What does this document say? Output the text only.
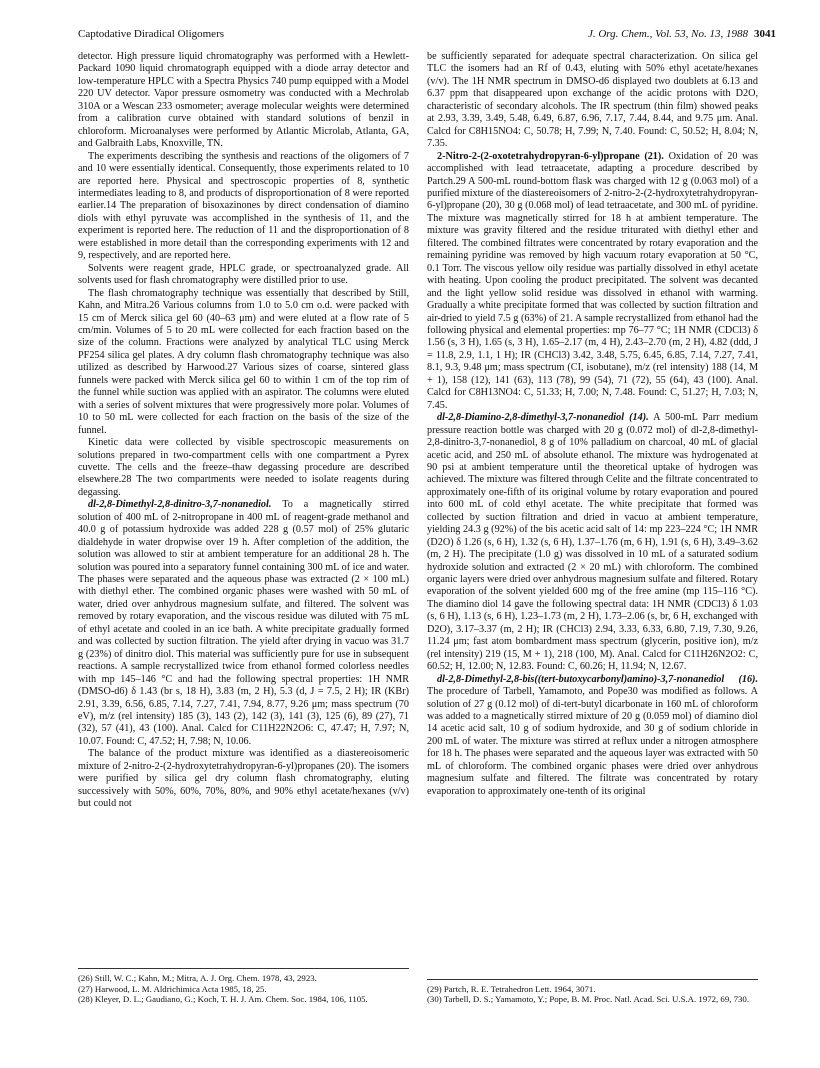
Captodative Diradical Oligomers	J. Org. Chem., Vol. 53, No. 13, 1988 3041

detector. High pressure liquid chromatography was performed with a Hewlett-Packard 1090 liquid chromatograph equipped with a diode array detector and low-temperature HPLC with a Spectra Physics 740 pump equipped with a Model 220 UV detector. Vapor pressure osmometry was conducted with a Mechrolab 310A or a Wescan 233 osmometer; average molecular weights were determined from a calibration curve obtained with standard solutions of benzil in chloroform. Microanalyses were performed by Atlantic Microlab, Atlanta, GA, and Galbraith Labs, Knoxville, TN.

The experiments describing the synthesis and reactions of the oligomers of 7 and 10 were essentially identical. Consequently, those experiments related to 10 are reported here. Physical and spectroscopic properties of 8, synthetic intermediates leading to 8, and products of disproportionation of 8 were reported earlier.14 The preparation of bisoxazinones by direct condensation of diamino diols with ethyl pyruvate was accomplished in the synthesis of 11, and the experiment is reported here. The reduction of 11 and the disproportionation of 8 were established in more detail than the corresponding experiments with 12 and 9, respectively, and are reported here.

Solvents were reagent grade, HPLC grade, or spectroanalyzed grade. All solvents used for flash chromatography were distilled prior to use.

The flash chromatography technique was essentially that described by Still, Kahn, and Mitra.26 Various columns from 1.0 to 5.0 cm o.d. were packed with 15 cm of Merck silica gel 60 (40–63 μm) and were eluted at a flow rate of 5 cm/min. Volumes of 5 to 20 mL were collected for each fraction based on the size of the column. Fractions were analyzed by analytical TLC using Merck PF254 silica gel plates. A dry column flash chromatography technique was also utilized as described by Harwood.27 Various sizes of coarse, sintered glass funnels were packed with Merck silica gel 60 to within 1 cm of the top rim of the funnel while suction was applied with an aspirator. The columns were eluted with a series of solvent mixtures that were progressively more polar. Volumes of 10 to 50 mL were collected for each fraction on the basis of the size of the funnel.

Kinetic data were collected by visible spectroscopic measurements on solutions prepared in two-compartment cells with one compartment a Pyrex cuvette. The cells and the freeze–thaw degassing procedure are described elsewhere.28 The two compartments were needed to isolate reagents during degassing.

dl-2,8-Dimethyl-2,8-dinitro-3,7-nonanediol. To a magnetically stirred solution of 400 mL of 2-nitropropane in 400 mL of reagent-grade methanol and 40.0 g of potassium hydroxide was added 228 g (0.57 mol) of 25% glutaric dialdehyde in water dropwise over 19 h. After completion of the addition, the solution was allowed to stir at ambient temperature for an additional 28 h. The solution was poured into a separatory funnel containing 300 mL of ice and water. The phases were separated and the aqueous phase was extracted (2 × 100 mL) with diethyl ether. The combined organic phases were washed with 50 mL of water, dried over anhydrous magnesium sulfate, and filtered. The solvent was removed by rotary evaporation, and the viscous residue was diluted with 75 mL of ethyl acetate and cooled in an ice bath. A white precipitate gradually formed and was collected by suction filtration. The yield after drying in vacuo was 31.7 g (23%) of dinitro diol. This material was sufficiently pure for use in subsequent reactions. A sample recrystallized twice from ethanol formed colorless needles with mp 145–146 °C and had the following spectral properties: 1H NMR (DMSO-d6) δ 1.43 (br s, 18 H), 3.83 (m, 2 H), 5.3 (d, J = 7.5, 2 H); IR (KBr) 2.91, 3.39, 6.56, 6.85, 7.14, 7.27, 7.41, 7.94, 8.77, 9.26 μm; mass spectrum (70 eV), m/z (rel intensity) 185 (3), 143 (2), 142 (3), 141 (3), 125 (6), 89 (27), 71 (32), 57 (41), 43 (100). Anal. Calcd for C11H22N2O6: C, 47.47; H, 7.97; N, 10.07. Found: C, 47.52; H, 7.98; N, 10.06.

The balance of the product mixture was identified as a diastereoisomeric mixture of 2-nitro-2-(2-hydroxytetrahydropyran-6-yl)propanes (20). The isomers were purified by silica gel dry column flash chromatography, eluting successively with 50%, 60%, 70%, 80%, and 90% ethyl acetate/hexanes (v/v) but could not

(26) Still, W. C.; Kahn, M.; Mitra, A. J. Org. Chem. 1978, 43, 2923.
(27) Harwood, L. M. Aldrichimica Acta 1985, 18, 25.
(28) Kleyer, D. L.; Gaudiano, G.; Koch, T. H. J. Am. Chem. Soc. 1984, 106, 1105.

be sufficiently separated for adequate spectral characterization. On silica gel TLC the isomers had an Rf of 0.43, eluting with 50% ethyl acetate/hexanes (v/v). The 1H NMR spectrum in DMSO-d6 displayed two doublets at 6.13 and 6.37 ppm that disappeared upon exchange of the acidic protons with D2O, characteristic of secondary alcohols. The IR spectrum (thin film) showed peaks at 2.93, 3.39, 3.49, 5.48, 6.49, 6.87, 6.96, 7.17, 7.44, 8.44, and 9.75 μm. Anal. Calcd for C8H15NO4: C, 50.78; H, 7.99; N, 7.40. Found: C, 50.52; H, 8.04; N, 7.35.

2-Nitro-2-(2-oxotetrahydropyran-6-yl)propane (21). Oxidation of 20 was accomplished with lead tetraacetate, adapting a procedure described by Partch.29 A 500-mL round-bottom flask was charged with 12 g (0.063 mol) of a purified mixture of the diastereoisomers of 2-nitro-2-(2-hydroxytetrahydropyran-6-yl)propane (20), 30 g (0.068 mol) of lead tetraacetate, and 300 mL of pyridine. The mixture was magnetically stirred for 18 h at ambient temperature. The mixture was gravity filtered and the residue triturated with diethyl ether and filtered. The combined filtrates were concentrated by rotary evaporation and the remaining pyridine was removed by high vacuum rotary evaporation at 50 °C, 0.1 Torr. The viscous yellow oily residue was partially dissolved in ethyl acetate with heating. Upon cooling the product precipitated. The solvent was decanted and the light yellow solid residue was dissolved in ethanol with warming. Gradually a white precipitate formed that was collected by suction filtration and air-dried to yield 7.5 g (63%) of 21. A sample recrystallized from ethanol had the following physical and elemental properties: mp 76–77 °C; 1H NMR (CDCl3) δ 1.56 (s, 3 H), 1.65 (s, 3 H), 1.65–2.17 (m, 4 H), 2.43–2.70 (m, 2 H), 4.82 (ddd, J = 11.8, 2.9, 1.1, 1 H); IR (CHCl3) 3.42, 3.48, 5.75, 6.45, 6.85, 7.14, 7.27, 7.41, 8.1, 9.3, 9.48 μm; mass spectrum (CI, isobutane), m/z (rel intensity) 188 (14, M + 1), 158 (12), 141 (63), 113 (78), 99 (54), 71 (72), 55 (64), 43 (100). Anal. Calcd for C8H13NO4: C, 51.33; H, 7.00; N, 7.48. Found: C, 51.27; H, 7.03; N, 7.45.

dl-2,8-Diamino-2,8-dimethyl-3,7-nonanediol (14). A 500-mL Parr medium pressure reaction bottle was charged with 20 g (0.072 mol) of dl-2,8-dimethyl-2,8-dinitro-3,7-nonanediol, 8 g of 10% palladium on charcoal, 40 mL of glacial acetic acid, and 250 mL of absolute ethanol. The mixture was hydrogenated at 90 psi at ambient temperature until the theoretical uptake of hydrogen was achieved. The mixture was filtered through Celite and the filtrate concentrated to approximately one-fifth of its original volume by rotary evaporation and poured into 600 mL of cold ethyl acetate. The white precipitate that formed was collected by suction filtration and dried in vacuo at ambient temperature, yielding 24.3 g (92%) of the bis acetic acid salt of 14: mp 223–224 °C; 1H NMR (D2O) δ 1.26 (s, 6 H), 1.32 (s, 6 H), 1.37–1.76 (m, 6 H), 1.91 (s, 6 H), 3.49–3.62 (m, 2 H). The precipitate (1.0 g) was dissolved in 10 mL of a saturated sodium hydroxide solution and extracted (2 × 20 mL) with chloroform. The combined organic layers were dried over anhydrous magnesium sulfate and filtered. Rotary evaporation of the solvent yielded 600 mg of the free amine (mp 115–116 °C). The diamino diol 14 gave the following spectral data: 1H NMR (CDCl3) δ 1.03 (s, 6 H), 1.13 (s, 6 H), 1.23–1.73 (m, 2 H), 1.73–2.06 (s, br, 6 H, exchanged with D2O), 3.17–3.37 (m, 2 H); IR (CHCl3) 2.94, 3.33, 6.33, 6.80, 7.19, 7.30, 9.26, 11.24 μm; fast atom bombardment mass spectrum (glycerin, positive ion), m/z (rel intensity) 219 (15, M + 1), 218 (100, M). Anal. Calcd for C11H26N2O2: C, 60.52; H, 12.00; N, 12.83. Found: C, 60.26; H, 11.94; N, 12.67.

dl-2,8-Dimethyl-2,8-bis((tert-butoxycarbonyl)amino)-3,7-nonanediol (16). The procedure of Tarbell, Yamamoto, and Pope30 was modified as follows. A solution of 27 g (0.12 mol) of di-tert-butyl dicarbonate in 160 mL of chloroform was added to a magnetically stirred mixture of 20 g (0.059 mol) of diamino diol 14 acetic acid salt, 10 g of sodium hydroxide, and 30 g of sodium chloride in 200 mL of water. The mixture was stirred at reflux under a nitrogen atmosphere for 18 h. The phases were separated and the aqueous layer was extracted with 50 mL of chloroform. The combined organic phases were dried over anhydrous magnesium sulfate and filtered. The filtrate was concentrated by rotary evaporation to approximately one-tenth of its original

(29) Partch, R. E. Tetrahedron Lett. 1964, 3071.
(30) Tarbell, D. S.; Yamamoto, Y.; Pope, B. M. Proc. Natl. Acad. Sci. U.S.A. 1972, 69, 730.
